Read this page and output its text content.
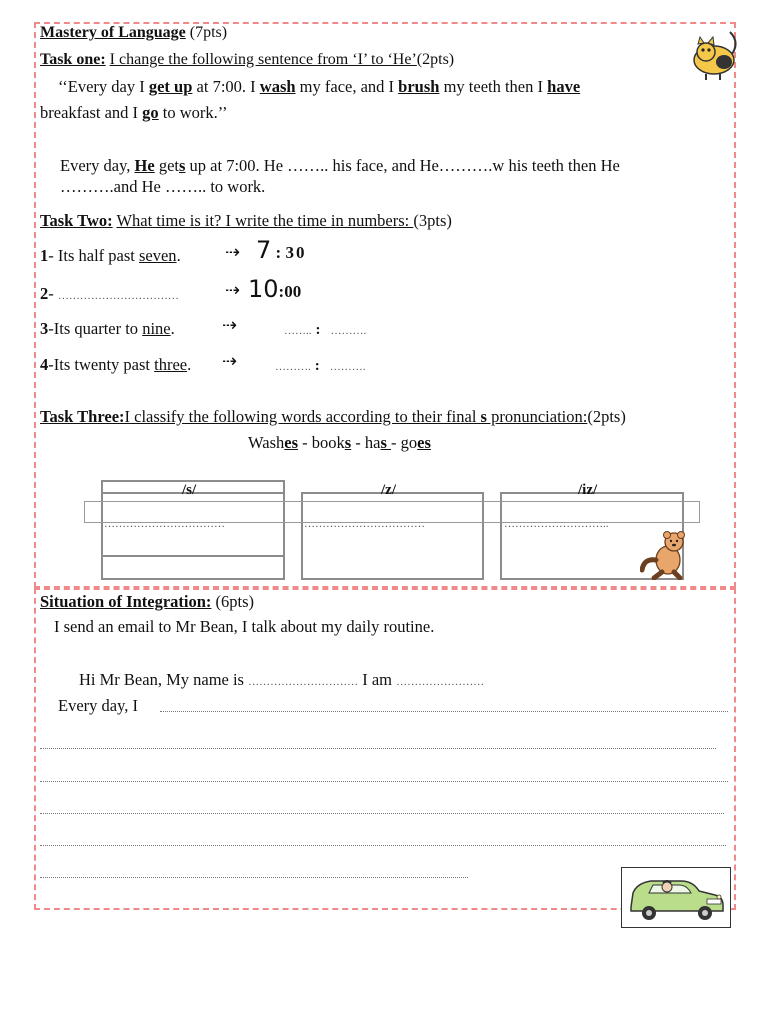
Mastery of Language (7pts)
Task one: I change the following sentence from ‘I’ to ‘He’(2pts)
‘‘Every day I get up at 7:00. I wash my face, and I brush my teeth then I have
breakfast and I go to work.’’
Every day, He gets up at 7:00. He …….. his face, and He……….w his teeth then He
……….and He …….. to work.
Task Two: What time is it? I write the time in numbers: (3pts)
1- Its half past seven. ⇢ 7 : 30
2- ……………………………	⇢ 10:00
3-Its quarter to nine.	⇢	…….. : ……….
4-Its twenty past three. ⇢	………. : ……….
Task Three:I classify the following words according to their final s pronunciation:(2pts)
Washes - books - has - goes
/s/	/z/	/iz/
……………………………	……………………………	………………………..
Situation of Integration: (6pts)
I send an email to Mr Bean, I talk about my daily routine.
Hi Mr Bean, My name is ………………………… I am ……………………
Every day, I
